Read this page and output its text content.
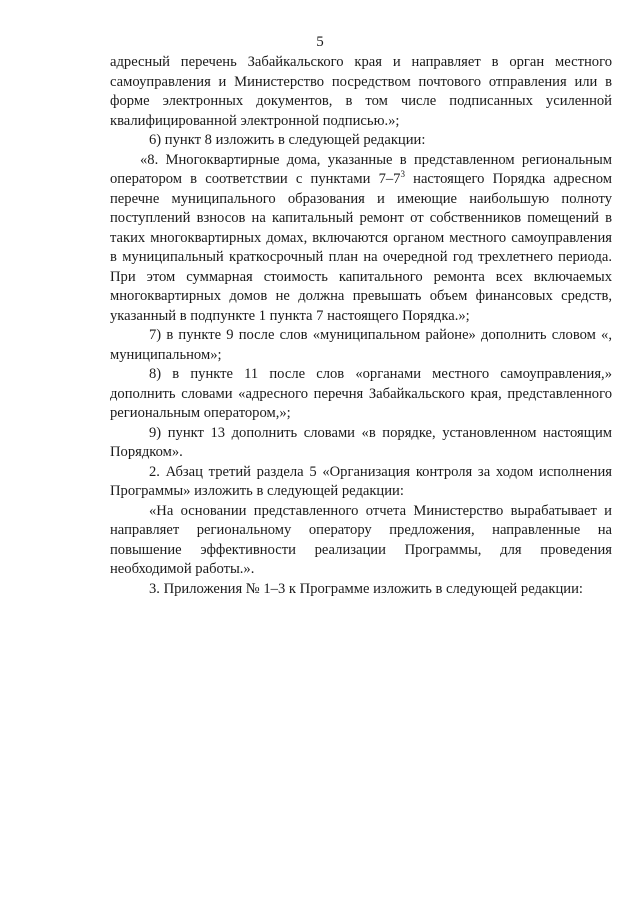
5

адресный перечень Забайкальского края и направляет в орган местного самоуправления и Министерство посредством почтового отправления или в форме электронных документов, в том числе подписанных усиленной квалифицированной электронной подписью.»;

6) пункт 8 изложить в следующей редакции:

«8. Многоквартирные дома, указанные в представленном региональным оператором в соответствии с пунктами $7-7^3$ настоящего Порядка адресном перечне муниципального образования и имеющие наибольшую полноту поступлений взносов на капитальный ремонт от собственников помещений в таких многоквартирных домах, включаются органом местного самоуправления в муниципальный краткосрочный план на очередной год трехлетнего периода. При этом суммарная стоимость капитального ремонта всех включаемых многоквартирных домов не должна превышать объем финансовых средств, указанный в подпункте 1 пункта 7 настоящего Порядка.»;

7) в пункте 9 после слов «муниципальном районе» дополнить словом «, муниципальном»;

8) в пункте 11 после слов «органами местного самоуправления,» дополнить словами «адресного перечня Забайкальского края, представленного региональным оператором,»;

9) пункт 13 дополнить словами «в порядке, установленном настоящим Порядком».

2. Абзац третий раздела 5 «Организация контроля за ходом исполнения Программы» изложить в следующей редакции:

«На основании представленного отчета Министерство вырабатывает и направляет региональному оператору предложения, направленные на повышение эффективности реализации Программы, для проведения необходимой работы.».

3. Приложения № 1–3 к Программе изложить в следующей редакции:
